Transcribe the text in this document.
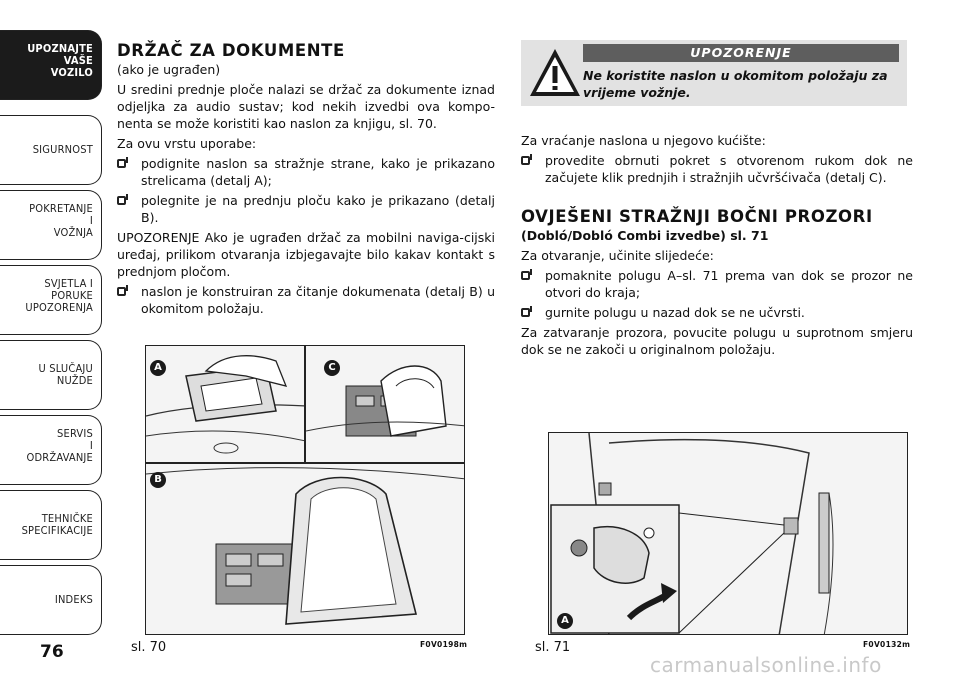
UPOZNAJTE
VAŠE
VOZILO
SIGURNOST
POKRETANJE
I
VOŽNJA
SVJETLA I
PORUKE
UPOZORENJA
U SLUČAJU
NUŽDE
SERVIS
I
ODRŽAVANJE
TEHNIČKE
SPECIFIKACIJE
INDEKS
76
DRŽAČ ZA DOKUMENTE

(ako je ugrađen)

U sredini prednje ploče nalazi se držač za dokumente iznad odjeljka za audio sustav; kod nekih izvedbi ova kompo-nenta se može koristiti kao naslon za knjigu, sl. 70.

Za ovu vrstu uporabe:

podignite naslon sa stražnje strane, kako je prikazano strelicama (detalj A);
polegnite je na prednju ploču kako je prikazano (detalj B).

UPOZORENJE Ako je ugrađen držač za mobilni naviga-cijski uređaj, prilikom otvaranja izbjegavajte bilo kakav kontakt s prednjom pločom.

naslon je konstruiran za čitanje dokumenata (detalj B) u okomitom položaju.
A	C
B
sl. 70	F0V0198m
UPOZORENJE
Ne koristite naslon u okomitom položaju za vrijeme vožnje.

Za vraćanje naslona u njegovo kućište:

provedite obrnuti pokret s otvorenom rukom dok ne začujete klik prednjih i stražnjih učvršćivača (detalj C).
OVJEŠENI STRAŽNJI BOČNI PROZORI

(Dobló/Dobló Combi izvedbe) sl. 71

Za otvaranje, učinite slijedeće:

pomaknite polugu A–sl. 71 prema van dok se prozor ne otvori do kraja;
gurnite polugu u nazad dok se ne učvrsti.

Za zatvaranje prozora, povucite polugu u suprotnom smjeru dok se ne zakoči u originalnom položaju.

A
sl. 71	F0V0132m
carmanualsonline.info
